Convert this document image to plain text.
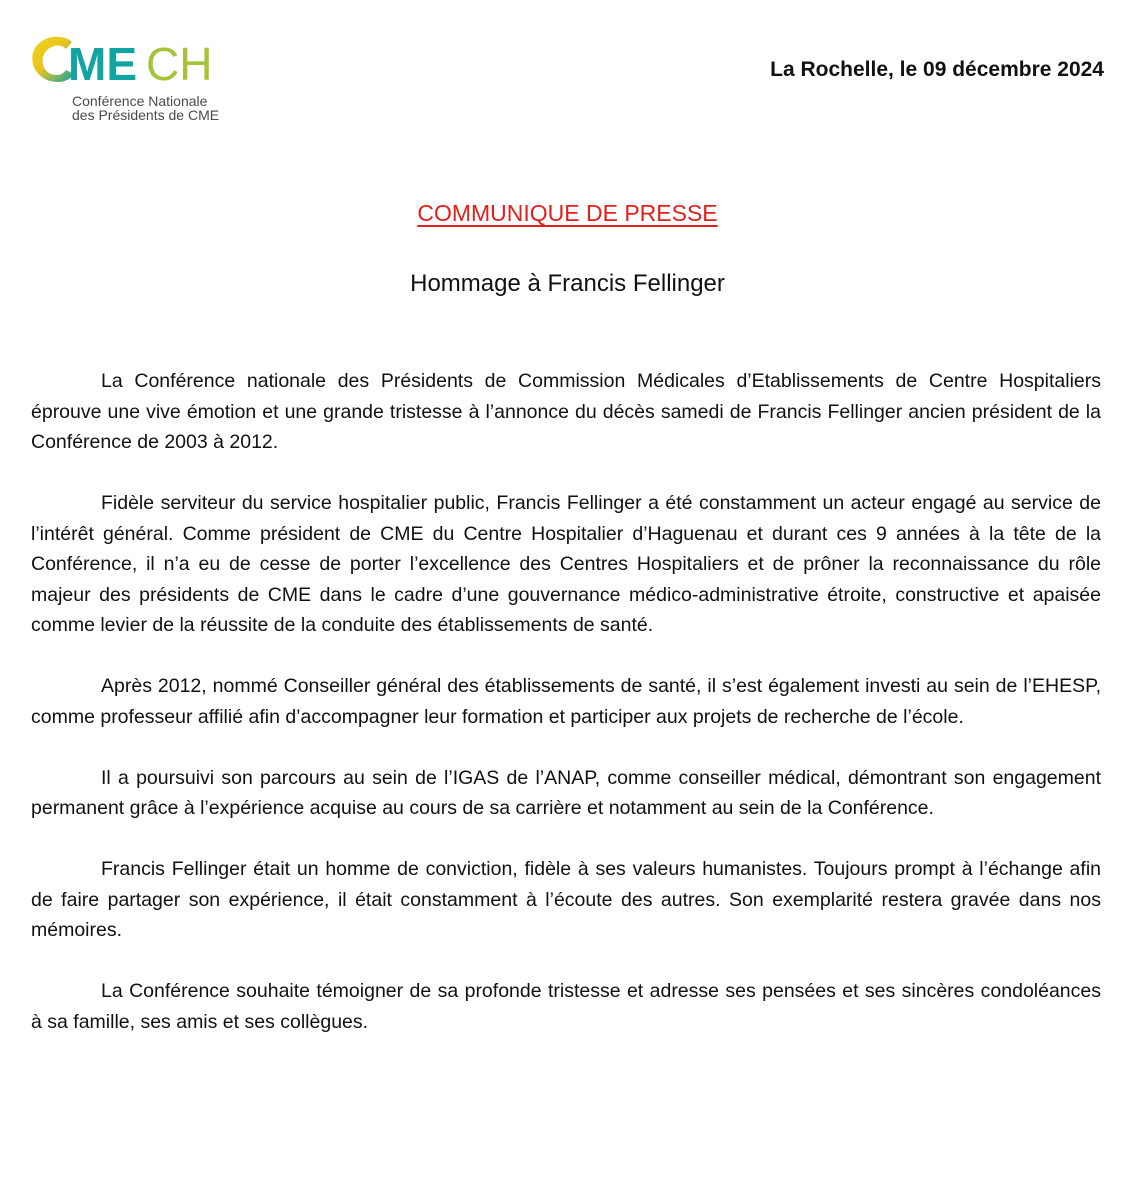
ME CH
Conférence Nationale
des Présidents de CME
La Rochelle, le 09 décembre 2024
COMMUNIQUE DE PRESSE
Hommage à Francis Fellinger

La Conférence nationale des Présidents de Commission Médicales d’Etablissements de Centre Hospitaliers éprouve une vive émotion et une grande tristesse à l’annonce du décès samedi de Francis Fellinger ancien président de la Conférence de 2003 à 2012.

Fidèle serviteur du service hospitalier public, Francis Fellinger a été constamment un acteur engagé au service de l’intérêt général. Comme président de CME du Centre Hospitalier d’Haguenau et durant ces 9 années à la tête de la Conférence, il n’a eu de cesse de porter l’excellence des Centres Hospitaliers et de prôner la reconnaissance du rôle majeur des présidents de CME dans le cadre d’une gouvernance médico-administrative étroite, constructive et apaisée comme levier de la réussite de la conduite des établissements de santé.

Après 2012, nommé Conseiller général des établissements de santé, il s’est également investi au sein de l’EHESP, comme professeur affilié afin d’accompagner leur formation et participer aux projets de recherche de l’école.

Il a poursuivi son parcours au sein de l’IGAS de l’ANAP, comme conseiller médical, démontrant son engagement permanent grâce à l’expérience acquise au cours de sa carrière et notamment au sein de la Conférence.

Francis Fellinger était un homme de conviction, fidèle à ses valeurs humanistes. Toujours prompt à l’échange afin de faire partager son expérience, il était constamment à l’écoute des autres. Son exemplarité restera gravée dans nos mémoires.

La Conférence souhaite témoigner de sa profonde tristesse et adresse ses pensées et ses sincères condoléances à sa famille, ses amis et ses collègues.
